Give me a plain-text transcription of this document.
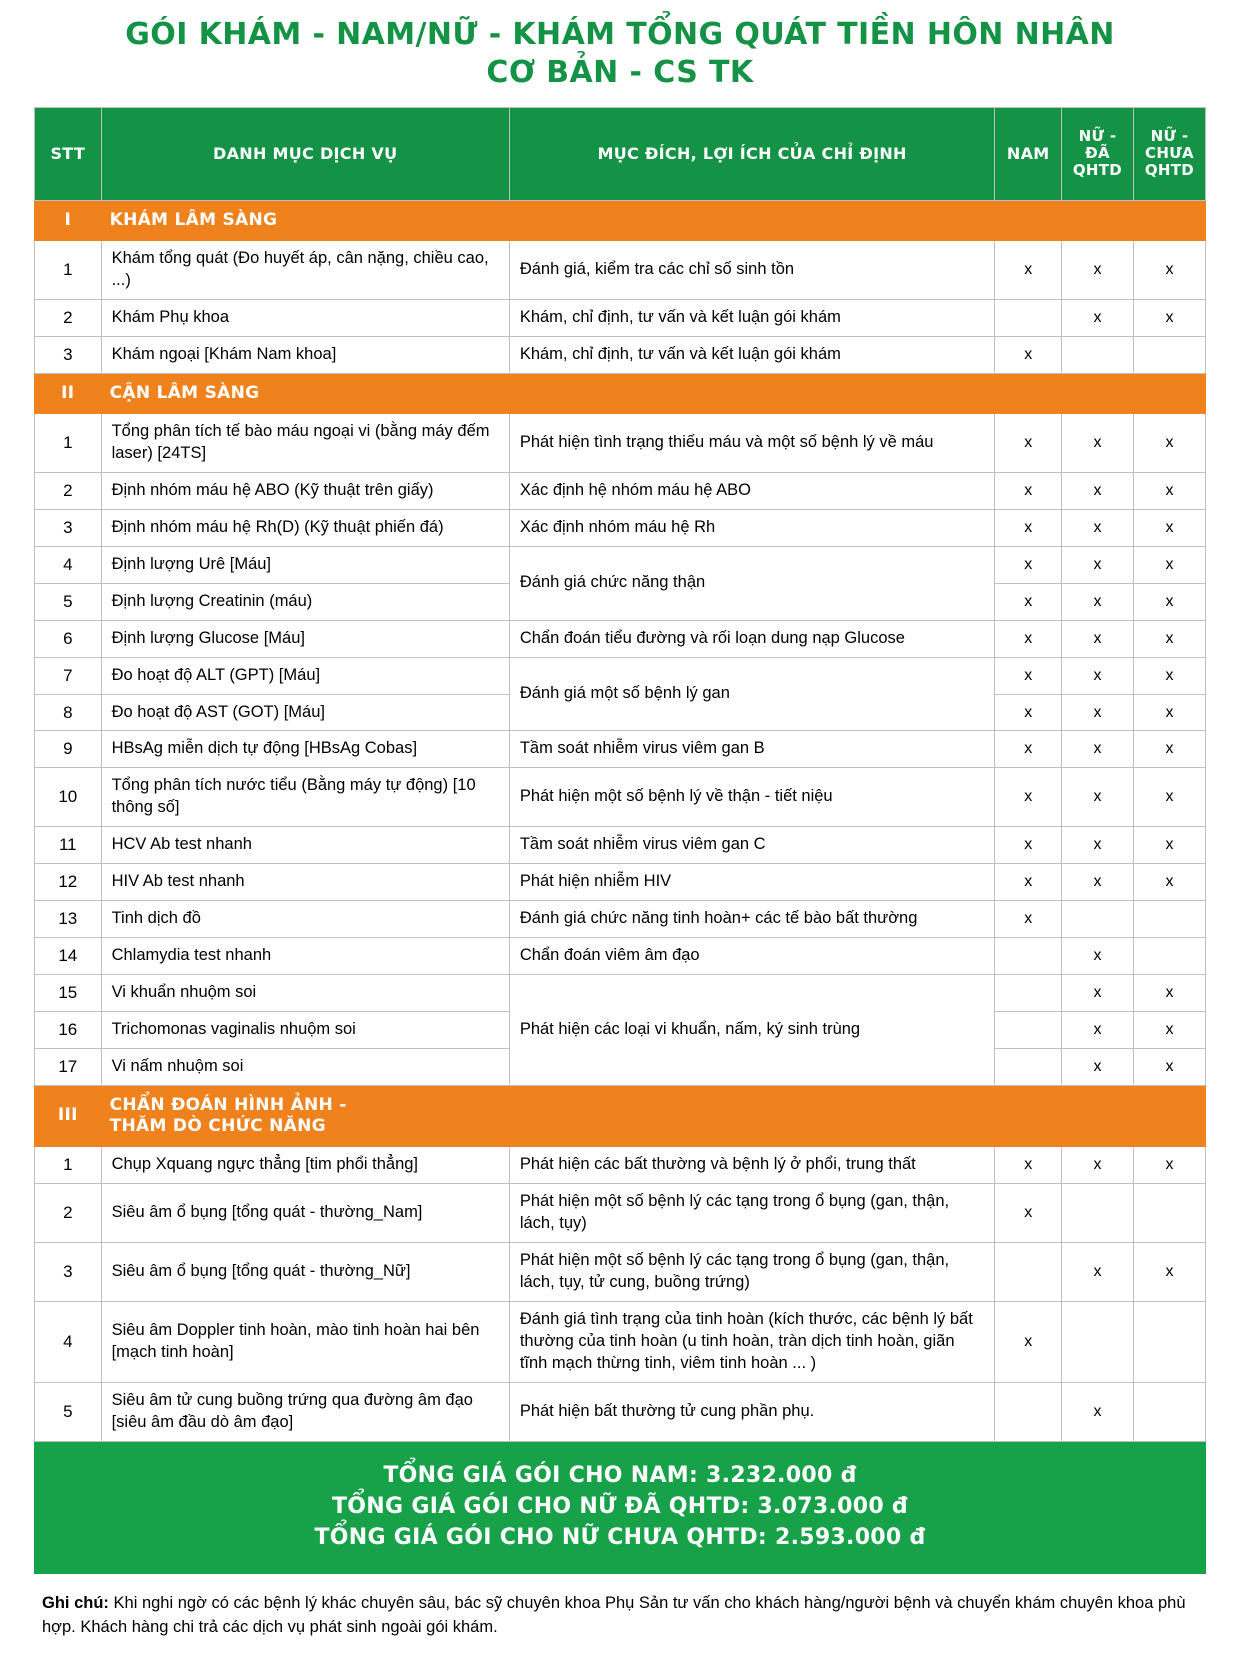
GÓI KHÁM - NAM/NỮ - KHÁM TỔNG QUÁT TIỀN HÔN NHÂN
CƠ BẢN - CS TK
STT	DANH MỤC DỊCH VỤ	MỤC ĐÍCH, LỢI ÍCH CỦA CHỈ ĐỊNH	NAM	NỮ - ĐÃ QHTD	NỮ - CHƯA QHTD
I	KHÁM LÂM SÀNG				
1	Khám tổng quát (Đo huyết áp, cân nặng, chiều cao, ...)	Đánh giá, kiểm tra các chỉ số sinh tồn	x	x	x
2	Khám Phụ khoa	Khám, chỉ định, tư vấn và kết luận gói khám		x	x
3	Khám ngoại [Khám Nam khoa]	Khám, chỉ định, tư vấn và kết luận gói khám	x		
II	CẬN LÂM SÀNG				
1	Tổng phân tích tế bào máu ngoại vi (bằng máy đếm laser) [24TS]	Phát hiện tình trạng thiếu máu và một số bệnh lý về máu	x	x	x
2	Định nhóm máu hệ ABO (Kỹ thuật trên giấy)	Xác định hệ nhóm máu hệ ABO	x	x	x
3	Định nhóm máu hệ Rh(D) (Kỹ thuật phiến đá)	Xác định nhóm máu hệ Rh	x	x	x
4	Định lượng Urê [Máu]	Đánh giá chức năng thận	x	x	x
5	Định lượng Creatinin (máu)		x	x	x
6	Định lượng Glucose [Máu]	Chẩn đoán tiểu đường và rối loạn dung nạp Glucose	x	x	x
7	Đo hoạt độ ALT (GPT) [Máu]	Đánh giá một số bệnh lý gan	x	x	x
8	Đo hoạt độ AST (GOT) [Máu]		x	x	x
9	HBsAg miễn dịch tự động [HBsAg Cobas]	Tầm soát nhiễm virus viêm gan B	x	x	x
10	Tổng phân tích nước tiểu (Bằng máy tự động) [10 thông số]	Phát hiện một số bệnh lý về thận - tiết niệu	x	x	x
11	HCV Ab test nhanh	Tầm soát nhiễm virus viêm gan C	x	x	x
12	HIV Ab test nhanh	Phát hiện nhiễm HIV	x	x	x
13	Tinh dịch đồ	Đánh giá chức năng tinh hoàn+ các tế bào bất thường	x		
14	Chlamydia test nhanh	Chẩn đoán viêm âm đạo		x	
15	Vi khuẩn nhuộm soi	Phát hiện các loại vi khuẩn, nấm, ký sinh trùng		x	x
16	Trichomonas vaginalis nhuộm soi			x	x
17	Vi nấm nhuộm soi			x	x
III	CHẨN ĐOÁN HÌNH ẢNH -
THĂM DÒ CHỨC NĂNG				

1	Chụp Xquang ngực thẳng [tim phổi thẳng]	Phát hiện các bất thường và bệnh lý ở phổi, trung thất	x	x	x
2	Siêu âm ổ bụng [tổng quát - thường_Nam]	Phát hiện một số bệnh lý các tạng trong ổ bụng (gan, thận, lách, tụy)	x		
3	Siêu âm ổ bụng [tổng quát - thường_Nữ]	Phát hiện một số bệnh lý các tạng trong ổ bụng (gan, thận, lách, tụy, tử cung, buồng trứng)		x	x
4	Siêu âm Doppler tinh hoàn, mào tinh hoàn hai bên [mạch tinh hoàn]	Đánh giá tình trạng của tinh hoàn (kích thước, các bệnh lý bất thường của tinh hoàn (u tinh hoàn, tràn dịch tinh hoàn, giãn tĩnh mạch thừng tinh, viêm tinh hoàn ... )	x		
5	Siêu âm tử cung buồng trứng qua đường âm đạo [siêu âm đầu dò âm đạo]	Phát hiện bất thường tử cung phần phụ.		x	
TỔNG GIÁ GÓI CHO NAM: 3.232.000 đ
TỔNG GIÁ GÓI CHO NỮ ĐÃ QHTD: 3.073.000 đ
TỔNG GIÁ GÓI CHO NỮ CHƯA QHTD: 2.593.000 đ
Ghi chú: Khi nghi ngờ có các bệnh lý khác chuyên sâu, bác sỹ chuyên khoa Phụ Sản tư vấn cho khách hàng/người bệnh và chuyển khám chuyên khoa phù hợp. Khách hàng chi trả các dịch vụ phát sinh ngoài gói khám.
